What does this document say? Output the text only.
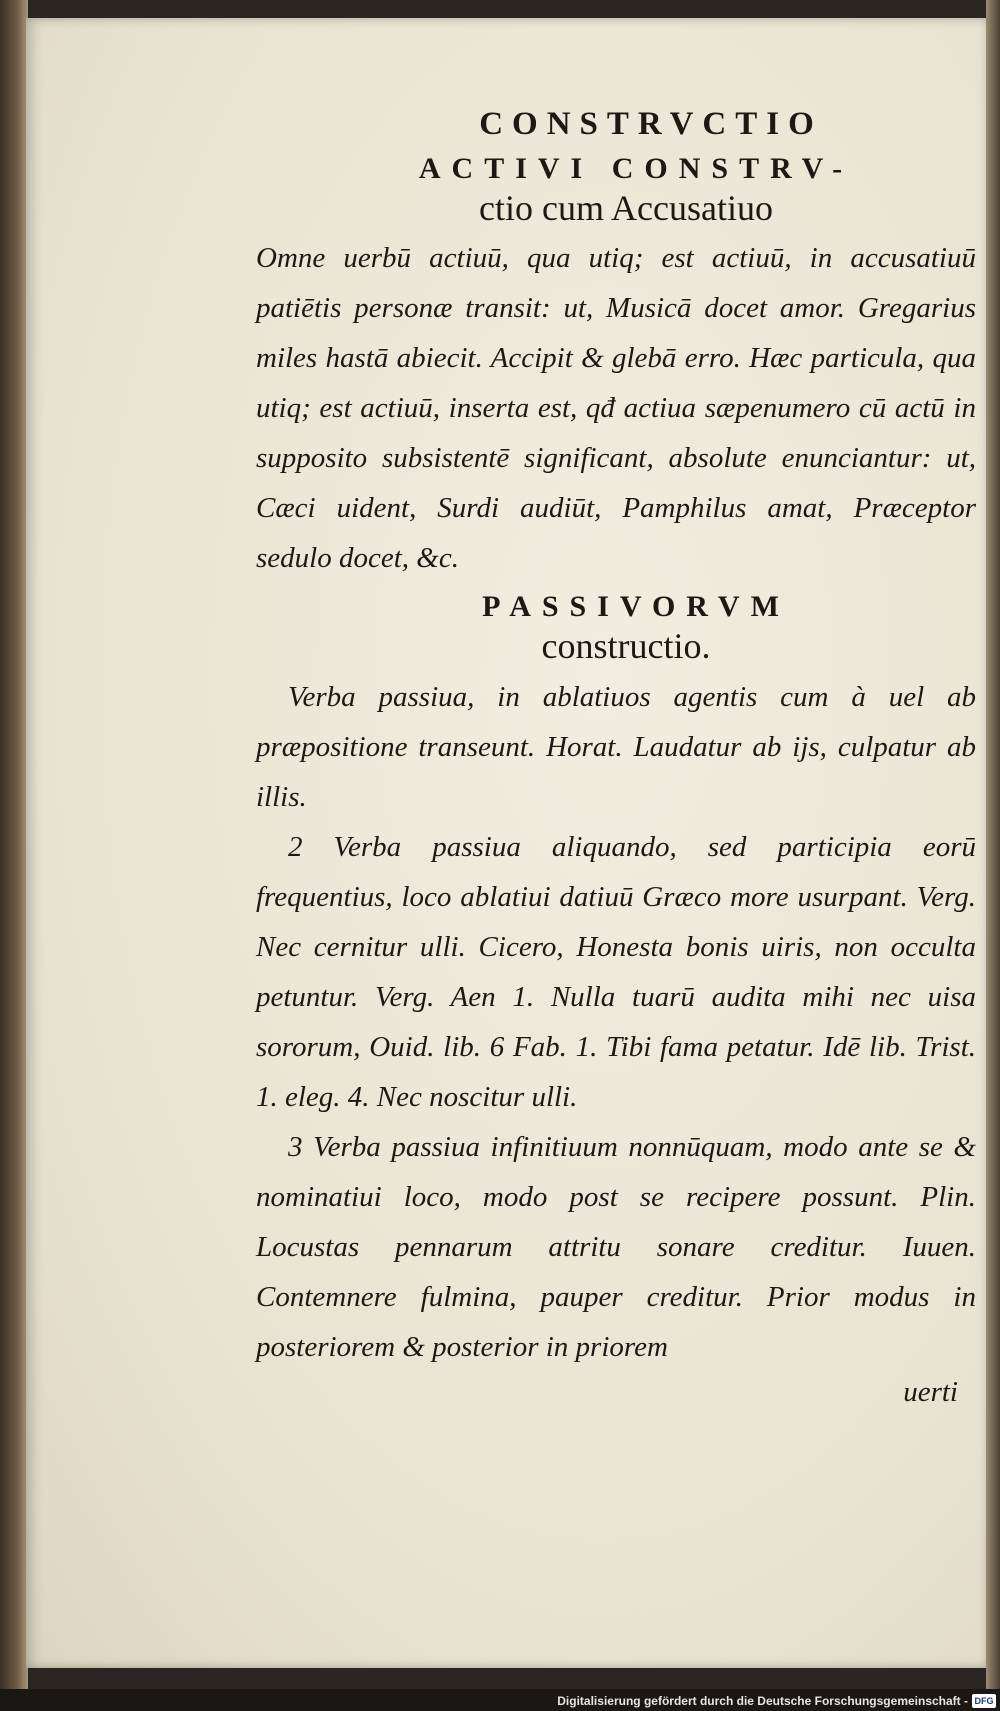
CONSTRVCTIO
ACTIVI CONSTRV-
ctio cum Accusatiuo

Omne uerbū actiuū, qua utiq; est actiuū, in accusatiuū patiētis personæ transit: ut, Musicā docet amor. Gregarius miles hastā abiecit. Accipit & glebā erro. Hæc particula, qua utiq; est actiuū, inserta est, qđ actiua sæpenumero cū actū in supposito subsistentē significant, absolute enunciantur: ut, Cæci uident, Surdi audiūt, Pamphilus amat, Præceptor sedulo docet, &c.

PASSIVORVM
constructio.

Verba passiua, in ablatiuos agentis cum à uel ab præpositione transeunt. Horat. Laudatur ab ijs, culpatur ab illis.

2 Verba passiua aliquando, sed participia eorū frequentius, loco ablatiui datiuū Græco more usurpant. Verg. Nec cernitur ulli. Cicero, Honesta bonis uiris, non occulta petuntur. Verg. Aen 1. Nulla tuarū audita mihi nec uisa sororum, Ouid. lib. 6 Fab. 1. Tibi fama petatur. Idē lib. Trist. 1. eleg. 4. Nec noscitur ulli.

3 Verba passiua infinitiuum nonnūquam, modo ante se & nominatiui loco, modo post se recipere possunt. Plin. Locustas pennarum attritu sonare creditur. Iuuen. Contemnere fulmina, pauper creditur. Prior modus in posteriorem & posterior in priorem

uerti
Digitalisierung gefördert durch die Deutsche Forschungsgemeinschaft - DFG
